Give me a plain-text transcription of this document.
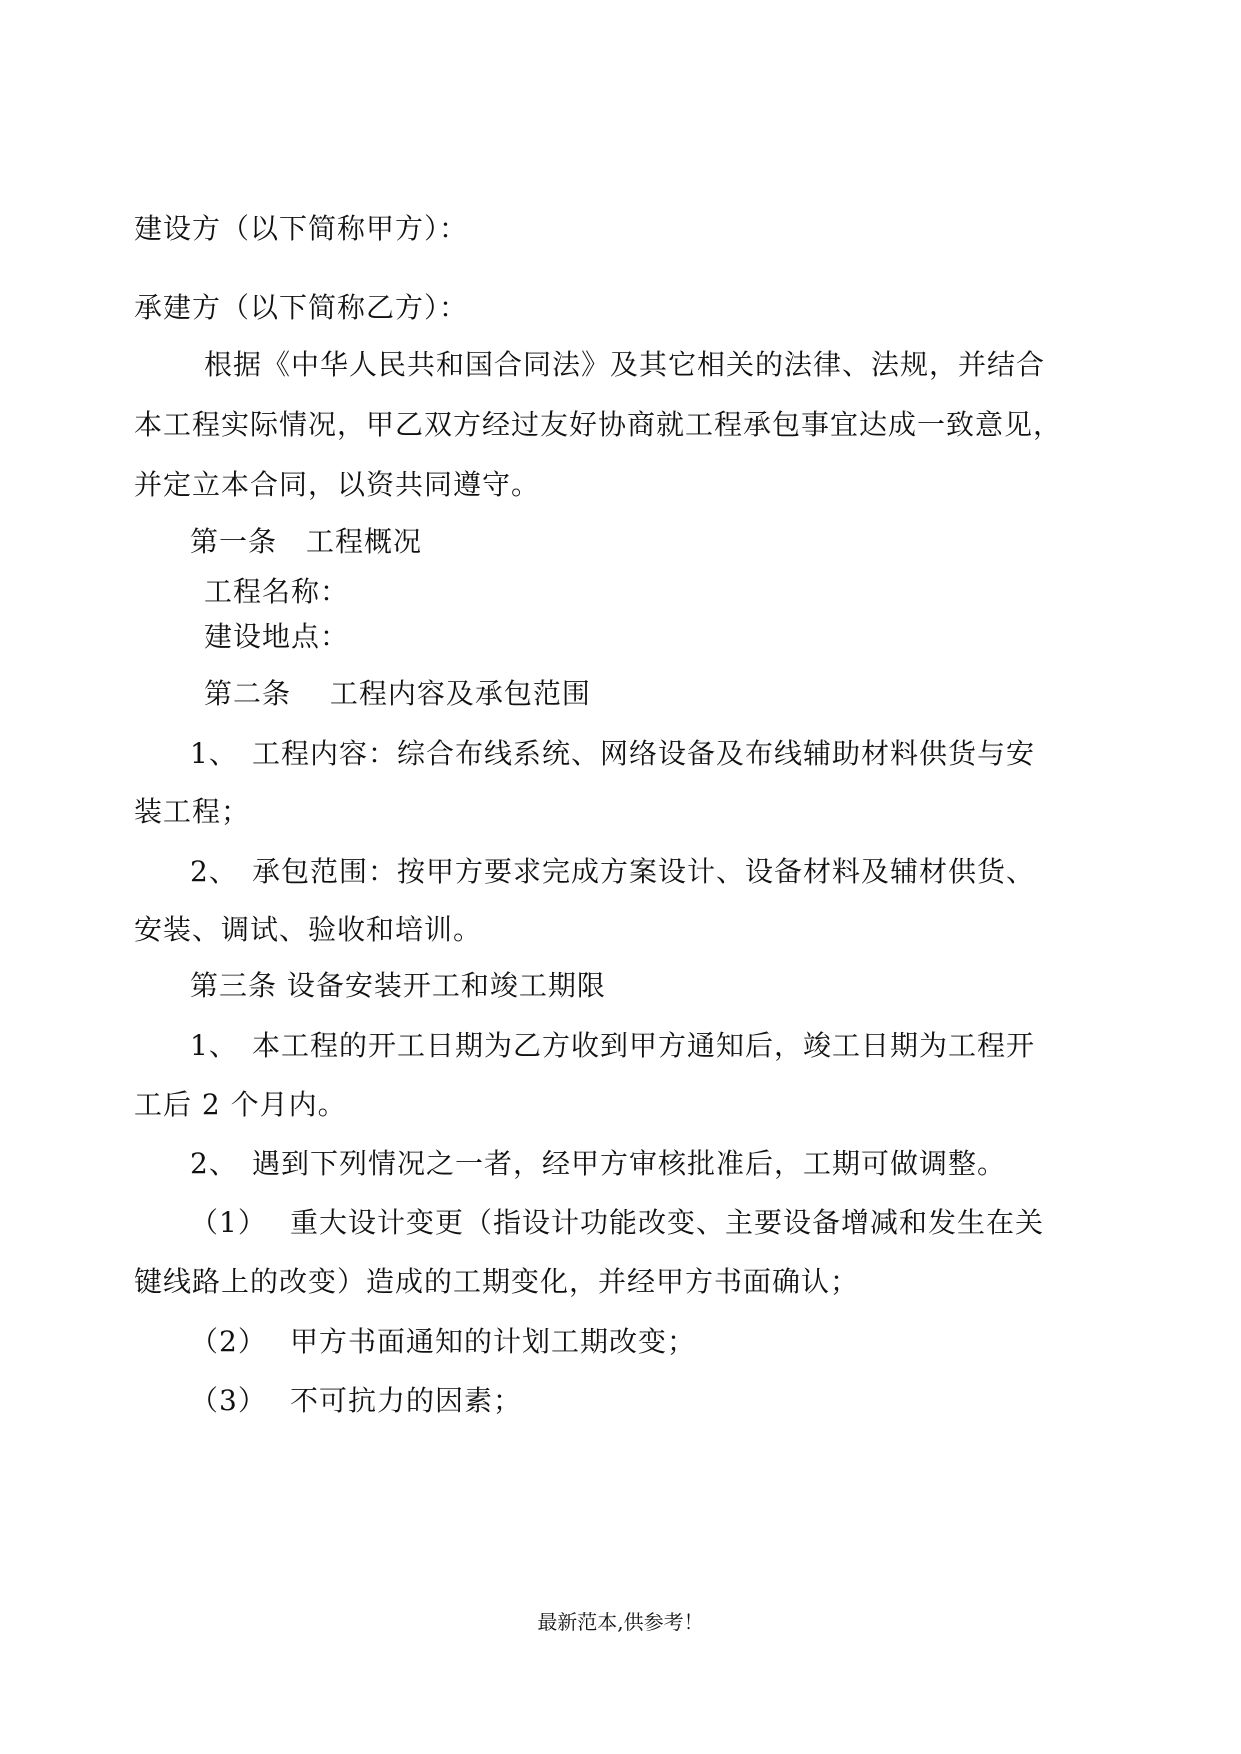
建设方（以下简称甲方）：
承建方（以下简称乙方）：
根据《中华人民共和国合同法》及其它相关的法律、法规，并结合
本工程实际情况，甲乙双方经过友好协商就工程承包事宜达成一致意见，
并定立本合同，以资共同遵守。
第一条　工程概况
工程名称：
建设地点：
第二条　 工程内容及承包范围
1、 工程内容：综合布线系统、网络设备及布线辅助材料供货与安
装工程；
2、 承包范围：按甲方要求完成方案设计、设备材料及辅材供货、
安装、调试、验收和培训。
第三条 设备安装开工和竣工期限
1、 本工程的开工日期为乙方收到甲方通知后，竣工日期为工程开
工后 2 个月内。
2、 遇到下列情况之一者，经甲方审核批准后，工期可做调整。
（1） 重大设计变更（指设计功能改变、主要设备增减和发生在关
键线路上的改变）造成的工期变化，并经甲方书面确认；
（2） 甲方书面通知的计划工期改变；
（3） 不可抗力的因素；
最新范本,供参考！
